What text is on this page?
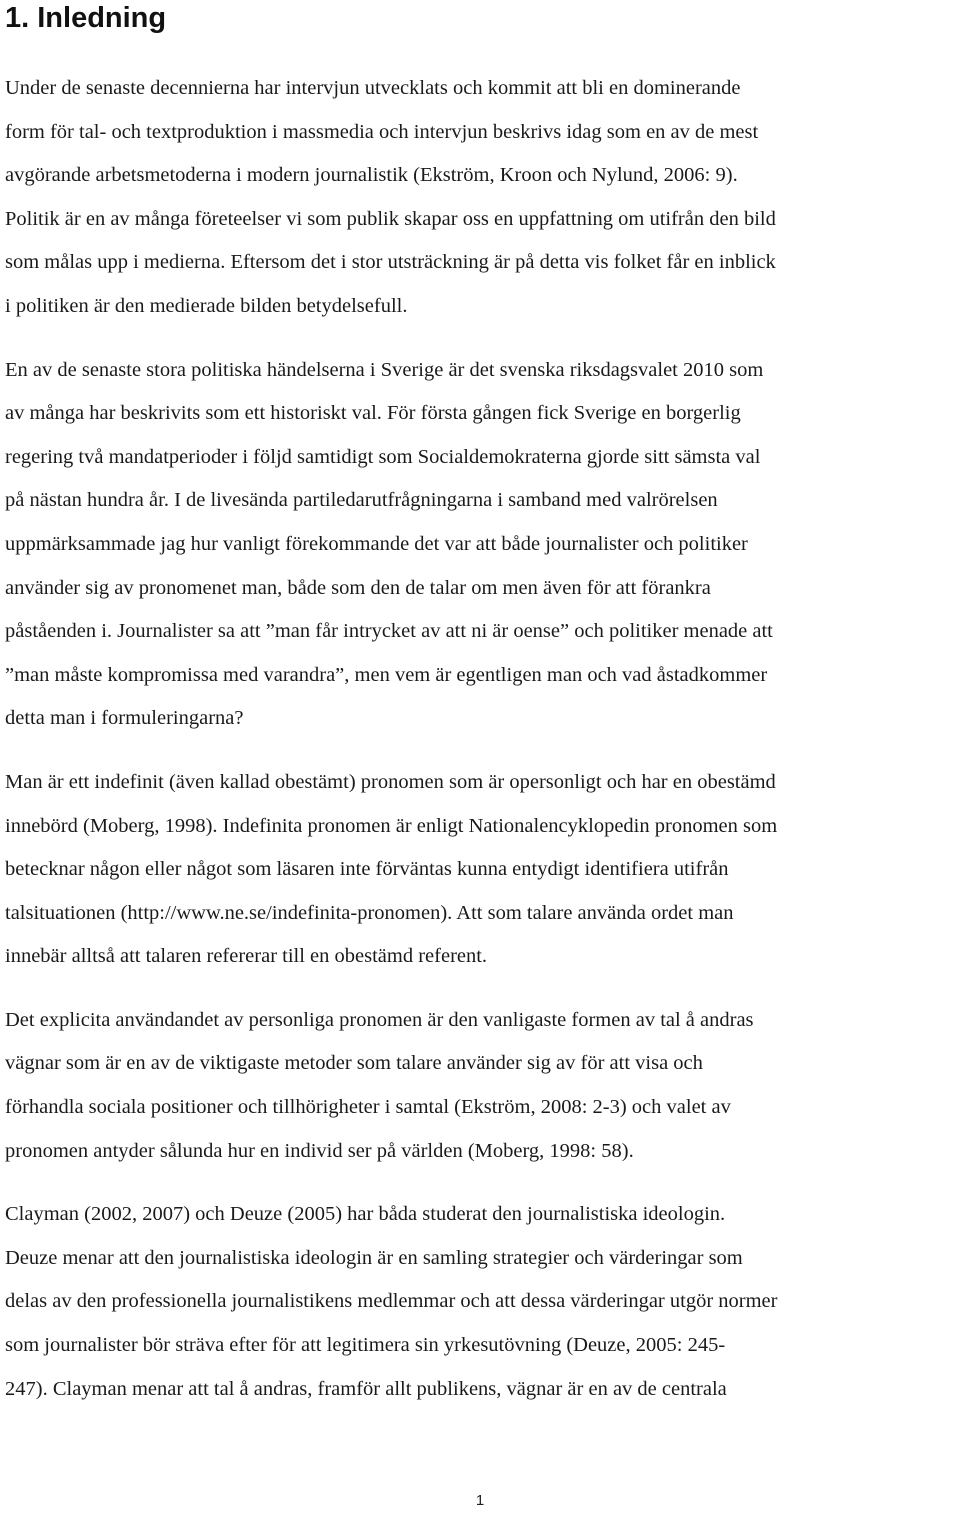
1. Inledning

Under de senaste decennierna har intervjun utvecklats och kommit att bli en dominerande
form för tal- och textproduktion i massmedia och intervjun beskrivs idag som en av de mest
avgörande arbetsmetoderna i modern journalistik (Ekström, Kroon och Nylund, 2006: 9).
Politik är en av många företeelser vi som publik skapar oss en uppfattning om utifrån den bild
som målas upp i medierna. Eftersom det i stor utsträckning är på detta vis folket får en inblick
i politiken är den medierade bilden betydelsefull.

En av de senaste stora politiska händelserna i Sverige är det svenska riksdagsvalet 2010 som
av många har beskrivits som ett historiskt val. För första gången fick Sverige en borgerlig
regering två mandatperioder i följd samtidigt som Socialdemokraterna gjorde sitt sämsta val
på nästan hundra år. I de livesända partiledarutfrågningarna i samband med valrörelsen
uppmärksammade jag hur vanligt förekommande det var att både journalister och politiker
använder sig av pronomenet man, både som den de talar om men även för att förankra
påståenden i. Journalister sa att ”man får intrycket av att ni är oense” och politiker menade att
”man måste kompromissa med varandra”, men vem är egentligen man och vad åstadkommer
detta man i formuleringarna?

Man är ett indefinit (även kallad obestämt) pronomen som är opersonligt och har en obestämd
innebörd (Moberg, 1998). Indefinita pronomen är enligt Nationalencyklopedin pronomen som
betecknar någon eller något som läsaren inte förväntas kunna entydigt identifiera utifrån
talsituationen (http://www.ne.se/indefinita-pronomen). Att som talare använda ordet man
innebär alltså att talaren refererar till en obestämd referent.

Det explicita användandet av personliga pronomen är den vanligaste formen av tal å andras
vägnar som är en av de viktigaste metoder som talare använder sig av för att visa och
förhandla sociala positioner och tillhörigheter i samtal (Ekström, 2008: 2-3) och valet av
pronomen antyder sålunda hur en individ ser på världen (Moberg, 1998: 58).

Clayman (2002, 2007) och Deuze (2005) har båda studerat den journalistiska ideologin.
Deuze menar att den journalistiska ideologin är en samling strategier och värderingar som
delas av den professionella journalistikens medlemmar och att dessa värderingar utgör normer
som journalister bör sträva efter för att legitimera sin yrkesutövning (Deuze, 2005: 245-
247). Clayman menar att tal å andras, framför allt publikens, vägnar är en av de centrala

1
